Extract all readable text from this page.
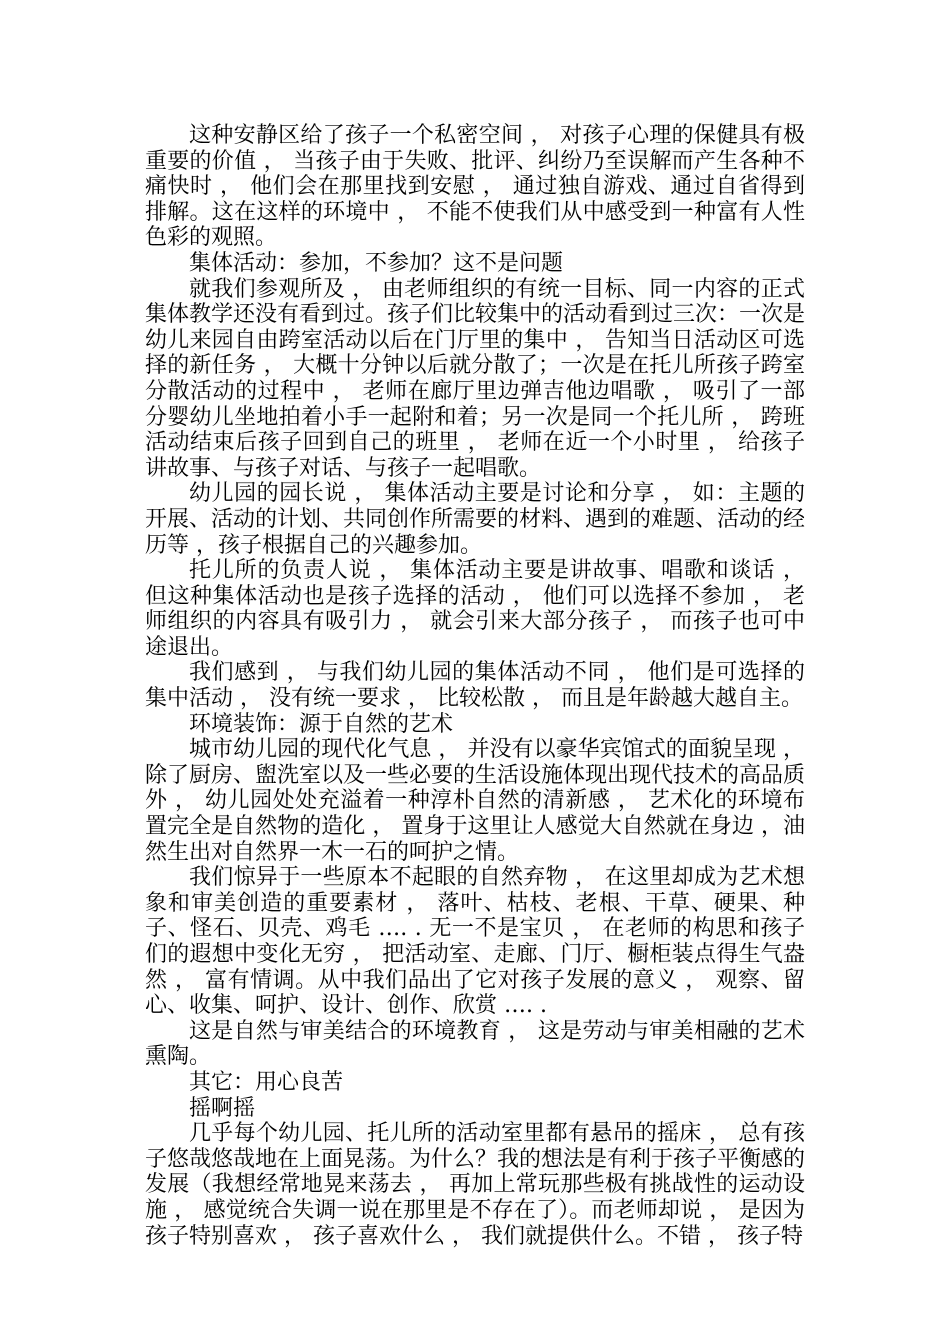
这种安静区给了孩子一个私密空间 ， 对孩子心理的保健具有极重要的价值 ， 当孩子由于失败、批评、纠纷乃至误解而产生各种不痛快时 ， 他们会在那里找到安慰 ， 通过独自游戏、通过自省得到排解。这在这样的环境中 ， 不能不使我们从中感受到一种富有人性色彩的观照。

集体活动：参加，不参加？这不是问题

就我们参观所及 ， 由老师组织的有统一目标、同一内容的正式集体教学还没有看到过。孩子们比较集中的活动看到过三次：一次是幼儿来园自由跨室活动以后在门厅里的集中 ， 告知当日活动区可选择的新任务 ， 大概十分钟以后就分散了；一次是在托儿所孩子跨室分散活动的过程中 ， 老师在廊厅里边弹吉他边唱歌 ， 吸引了一部分婴幼儿坐地拍着小手一起附和着；另一次是同一个托儿所 ， 跨班活动结束后孩子回到自己的班里 ， 老师在近一个小时里 ， 给孩子讲故事、与孩子对话、与孩子一起唱歌。

幼儿园的园长说 ， 集体活动主要是讨论和分享 ， 如：主题的开展、活动的计划、共同创作所需要的材料、遇到的难题、活动的经历等 ，孩子根据自己的兴趣参加。

托儿所的负责人说 ， 集体活动主要是讲故事、唱歌和谈话 ， 但这种集体活动也是孩子选择的活动 ， 他们可以选择不参加 ， 老师组织的内容具有吸引力 ， 就会引来大部分孩子 ， 而孩子也可中途退出。

我们感到 ， 与我们幼儿园的集体活动不同 ， 他们是可选择的集中活动 ， 没有统一要求 ， 比较松散 ， 而且是年龄越大越自主。

环境装饰：源于自然的艺术

城市幼儿园的现代化气息 ， 并没有以豪华宾馆式的面貌呈现 ，除了厨房、盥洗室以及一些必要的生活设施体现出现代技术的高品质外 ， 幼儿园处处充溢着一种淳朴自然的清新感 ， 艺术化的环境布置完全是自然物的造化 ， 置身于这里让人感觉大自然就在身边 ，油然生出对自然界一木一石的呵护之情。

我们惊异于一些原本不起眼的自然弃物 ， 在这里却成为艺术想象和审美创造的重要素材 ， 落叶、枯枝、老根、干草、硬果、种子、怪石、贝壳、鸡毛 …. . 无一不是宝贝 ， 在老师的构思和孩子们的遐想中变化无穷 ， 把活动室、走廊、门厅、橱柜装点得生气盎然 ， 富有情调。从中我们品出了它对孩子发展的意义 ， 观察、留心、收集、呵护、设计、创作、欣赏 …. .

这是自然与审美结合的环境教育 ， 这是劳动与审美相融的艺术熏陶。

其它：用心良苦

摇啊摇

几乎每个幼儿园、托儿所的活动室里都有悬吊的摇床 ， 总有孩子悠哉悠哉地在上面晃荡。为什么？我的想法是有利于孩子平衡感的发展（我想经常地晃来荡去 ， 再加上常玩那些极有挑战性的运动设施 ， 感觉统合失调一说在那里是不存在了）。而老师却说 ， 是因为孩子特别喜欢 ， 孩子喜欢什么 ， 我们就提供什么。不错 ， 孩子特
